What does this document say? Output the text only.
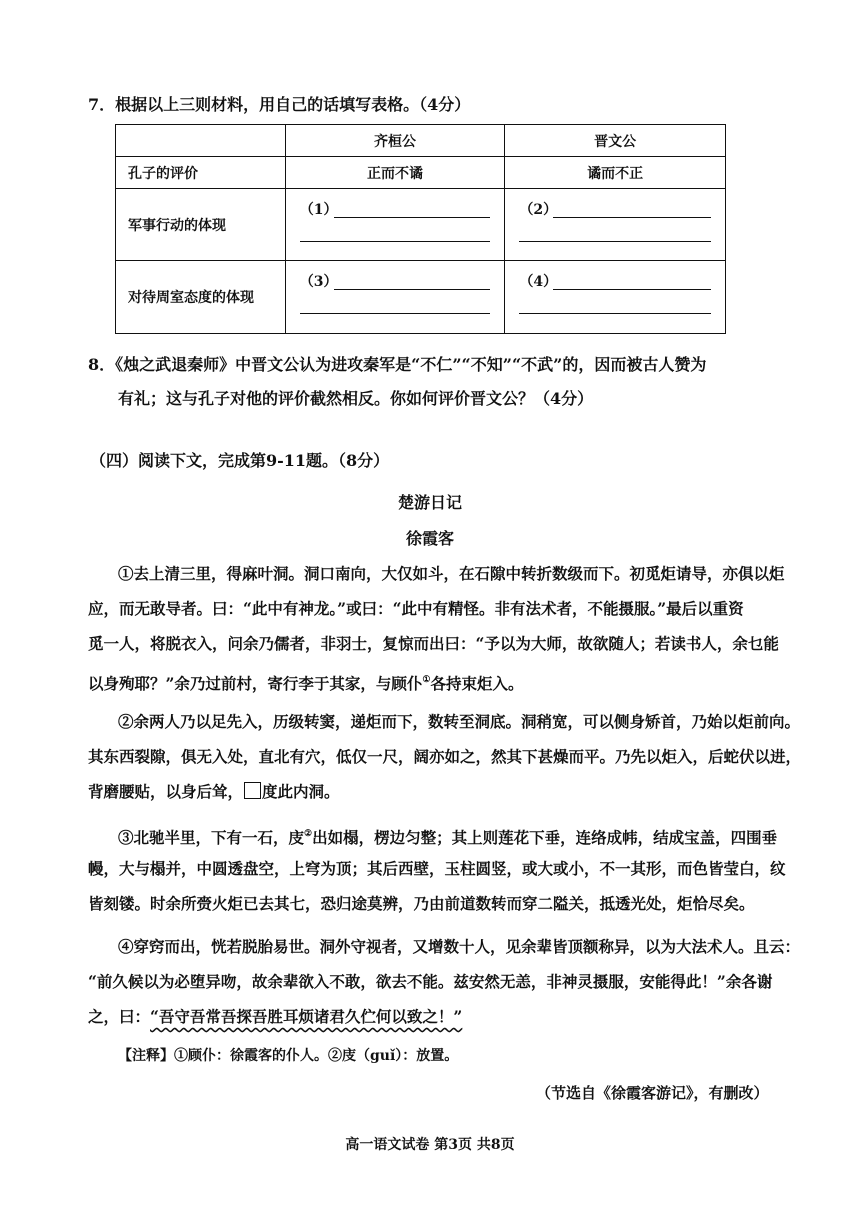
7．根据以上三则材料，用自己的话填写表格。（4分）
	齐桓公	晋文公
孔子的评价	正而不谲	谲而不正
军事行动的体现	（1）	（2）

对待周室态度的体现	（3）	（4）
8．《烛之武退秦师》中晋文公认为进攻秦军是“不仁”“不知”“不武”的，因而被古人赞为
有礼；这与孔子对他的评价截然相反。你如何评价晋文公？（4分）
（四）阅读下文，完成第9-11题。（8分）
楚游日记
徐霞客
①去上清三里，得麻叶洞。洞口南向，大仅如斗，在石隙中转折数级而下。初觅炬请导，亦俱以炬
应，而无敢导者。曰：“此中有神龙。”或曰：“此中有精怪。非有法术者，不能摄服。”最后以重资
觅一人，将脱衣入，问余乃儒者，非羽士，复惊而出曰：“予以为大师，故欲随人；若读书人，余乜能
以身殉耶？”余乃过前村，寄行李于其家，与顾仆①各持束炬入。
②余两人乃以足先入，历级转窦，递炬而下，数转至洞底。洞稍宽，可以侧身矫首，乃始以炬前向。
其东西裂隙，俱无入处，直北有穴，低仅一尺，阔亦如之，然其下甚燥而平。乃先以炬入，后蛇伏以进，
背磨腰贴，以身后耸， 度此内洞。
③北驰半里，下有一石，庋②出如榻，楞边匀整；其上则莲花下垂，连络成帏，结成宝盖，四围垂
幔，大与榻并，中圆透盘空，上穹为顶；其后西壁，玉柱圆竖，或大或小，不一其形，而色皆莹白，纹
皆刻镂。时余所赍火炬已去其七，恐归途莫辨，乃由前道数转而穿二隘关，抵透光处，炬恰尽矣。
④穿窍而出，恍若脱胎易世。洞外守视者，又增数十人，见余辈皆顶额称异，以为大法术人。且云：
“前久候以为必堕异吻，故余辈欲入不敢，欲去不能。兹安然无恙，非神灵摄服，安能得此！”余各谢
之，曰：“吾守吾常吾探吾胜耳烦诸君久伫何以致之！”
【注释】①顾仆：徐霞客的仆人。②庋（guǐ）：放置。
（节选自《徐霞客游记》，有删改）
高一语文试卷 第3页 共8页
